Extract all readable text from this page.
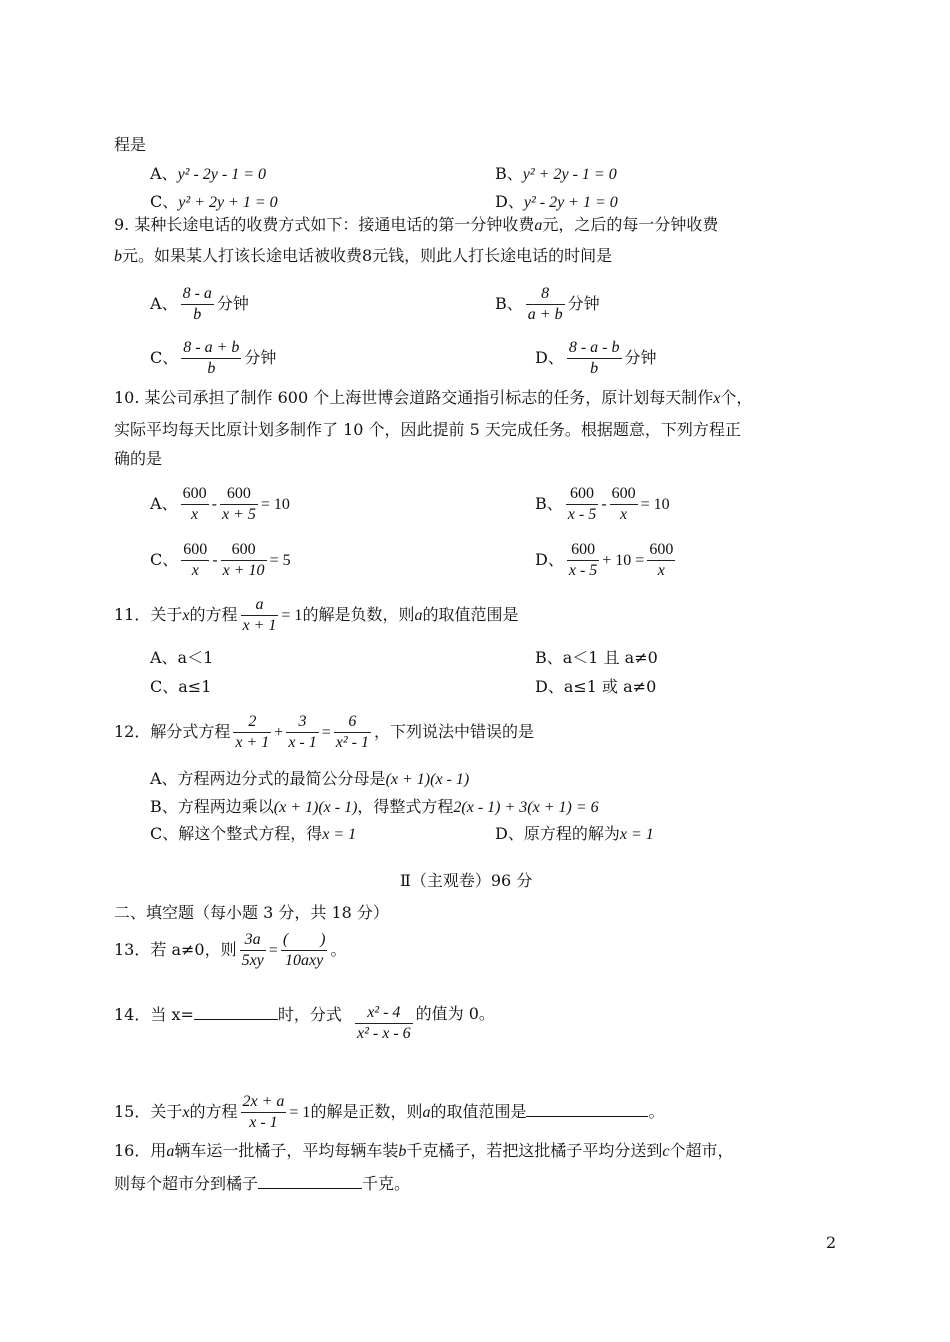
程是
A、y² - 2y - 1 = 0	B、y² + 2y - 1 = 0
C、y² + 2y + 1 = 0	D、y² - 2y + 1 = 0
9. 某种长途电话的收费方式如下：接通电话的第一分钟收费a元，之后的每一分钟收费
b元。如果某人打该长途电话被收费8元钱，则此人打长途电话的时间是
A、 $\frac{8 - a}{b}$ 分钟	B、 $\frac{8}{a + b}$ 分钟
C、 $\frac{8 - a + b}{b}$ 分钟	D、 $\frac{8 - a - b}{b}$ 分钟
10. 某公司承担了制作 600 个上海世博会道路交通指引标志的任务，原计划每天制作x个，
实际平均每天比原计划多制作了 10 个，因此提前 5 天完成任务。根据题意，下列方程正
确的是
A、 $\frac{600}{x} - \frac{600}{x + 5} = 10$	B、 $\frac{600}{x - 5} - \frac{600}{x} = 10$
C、 $\frac{600}{x} - \frac{600}{x + 10} = 5$	D、 $\frac{600}{x - 5} + 10 = \frac{600}{x}$
11．关于x的方程 $\frac{a}{x + 1} = 1$的解是负数，则a的取值范围是
A、a＜1	B、a＜1 且 a≠0
C、a≤1	D、a≤1 或 a≠0
12．解分式方程 $\frac{2}{x + 1} + \frac{3}{x - 1} = \frac{6}{\text{x² - 1}}$ ，下列说法中错误的是
A、方程两边分式的最简公分母是(x + 1)(x - 1)
B、方程两边乘以(x + 1)(x - 1)，得整式方程2(x - 1) + 3(x + 1) = 6
C、解这个整式方程，得x = 1	D、原方程的解为x = 1
Ⅱ（主观卷）96 分
二、填空题（每小题 3 分，共 18 分）
13．若 a≠0，则 $\frac{3a}{5xy} = \frac{( )}{\text{10axy}}$ 。
14．当 x=	时，分式 $\frac{\text{x² - 4}}{\text{x² - x - 6}}$ 的值为 0。
15．关于x的方程 $\frac{2x + a}{x - 1} = 1$的解是正数，则a的取值范围是	。
16．用a辆车运一批橘子，平均每辆车装b千克橘子，若把这批橘子平均分送到c个超市，
则每个超市分到橘子	千克。
2
